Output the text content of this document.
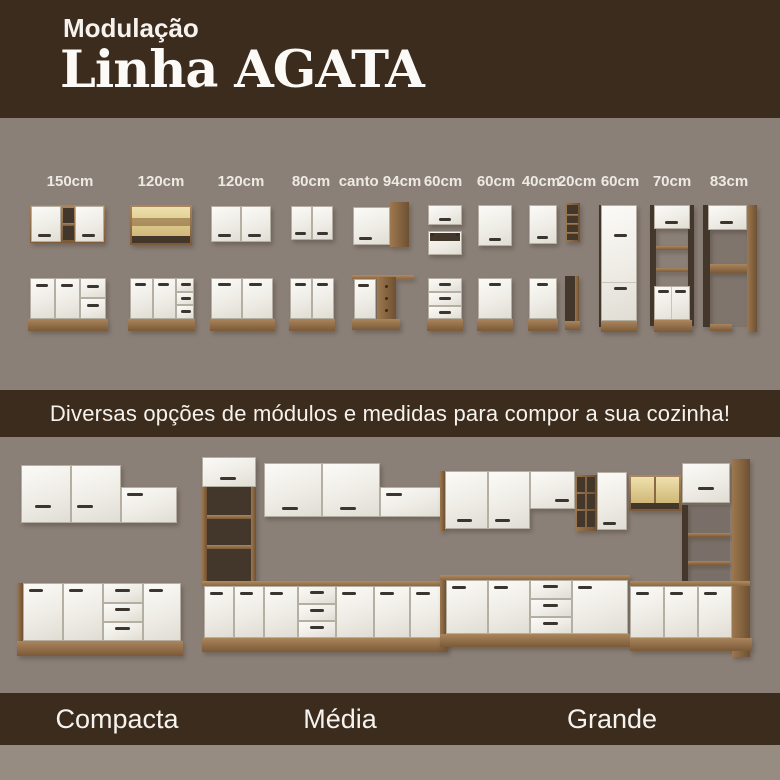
Modulação
Linha AGATA
150cm	120cm	120cm	80cm canto 94cm 60cm 60cm 40cm
20cm 60cm 70cm	83cm
Diversas opções de módulos e medidas para compor a sua cozinha!
Compacta	Média	Grande
